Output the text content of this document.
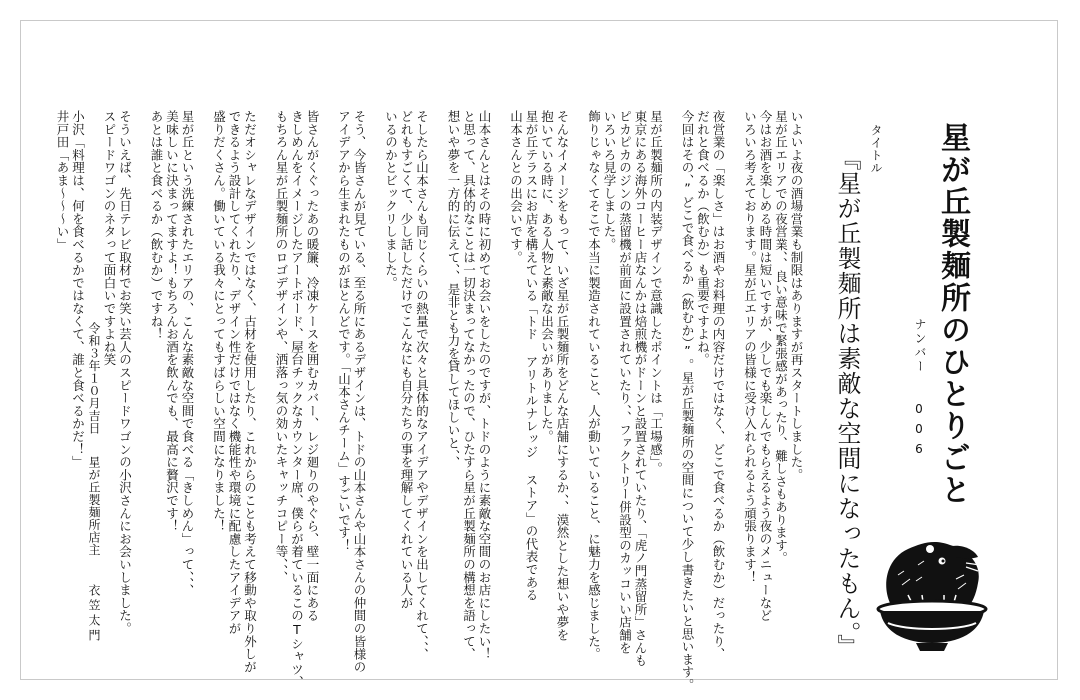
星が丘製麺所のひとりごと
ナンバー
006
タイトル
『星が丘製麺所は素敵な空間になったもん。』

いよいよ夜の酒場営業も制限はありますが再スタートしました。

星が丘エリアでの夜営業、、良い意味で緊張感があったり、難しさもあります。

今はお酒を楽しめる時間は短いですが、少しでも楽しんでもらえるよう夜のメニューなど

いろいろ考えております。星が丘エリアの皆様に受け入れられるよう頑張ります！

夜営業の「楽しさ」はお酒やお料理の内容だけではなく、どこで食べるか（飲むか）だったり、

だれと食べるか（飲むか）も重要ですよね。

今回はその、”どこで食べるか（飲むか）”。星が丘製麺所の空間について少し書きたいと思います。

星が丘製麺所の内装デザインで意識したポイントは「工場感」。

東京にある海外コーヒー店なんかは焙煎機がドーンと設置されていたり、「虎ノ門蒸留所」さんも

ピカピカのジンの蒸留機が前面に設置されていたり、、ファクトリー併設型のカッコいい店舗を

いろいろ見学しました。

飾りじゃなくてそこで本当に製造されていること、人が動いていること、に魅力を感じました。

そんなイメージをもって、いざ星が丘製麺所をどんな店舗にするか、、漠然とした想いや夢を

抱いている時に、ある人物と素敵な出会いがありました。

星が丘テラスにお店を構えている「トド アリトルナレッジ ストア」の代表である

山本さんとの出会いです。

山本さんとはその時に初めてお会いをしたのですが、トドのように素敵な空間のお店にしたい！

と思って、具体的なことは一切決まってなかったので、ひたすら星が丘製麺所の構想を語って、

想いや夢を一方的に伝えて、、是非とも力を貸してほしいと、、

そしたら山本さんも同じくらいの熱量で次々と具体的なアイデアやデザインを出してくれて、、、

どれもすごくて、少し話しただけでこんなにも自分たちの事を理解してくれている人が

いるのかとビックリしました。

そう、今皆さんが見ている、至る所にあるデザインは、トドの山本さんや山本さんの仲間の皆様の

アイデアから生まれたものがほとんどです。「山本さんチーム」すごいです！

皆さんがくぐったあの暖簾、冷凍ケースを囲むカバー、レジ廻りのやぐら、壁一面にある

きしめんをイメージしたアートボード、屋台チックなカウンター席、僕らが着ているこのTシャツ、

もちろん星が丘製麺所のロゴデザインや、洒落っ気の効いたキャッチコピー等、、、

ただオシャレなデザインではなく、古材を使用したり、これからのことも考えて移動や取り外しが

できるよう設計してくれたり、デザイン性だけではなく機能性や環境に配慮したアイデアが

盛りだくさん。働いている我々にとってもすばらしい空間になりました！

星が丘という洗練されたエリアの、こんな素敵な空間で食べる「きしめん」って、、、

美味しいに決まってますよ！もちろんお酒を飲んでも、最高に贅沢です！

あとは誰と食べるか（飲むか）ですね！

そういえば、先日テレビ取材でお笑い芸人のスピードワゴンの小沢さんにお会いしました。

スピードワゴンのネタって面白いですよね笑

小沢「料理は、何を食べるかではなくて、誰と食べるかだ！」

井戸田「あま～～～い」

令和３年１０月吉日
星が丘製麺所店主
衣笠太門
